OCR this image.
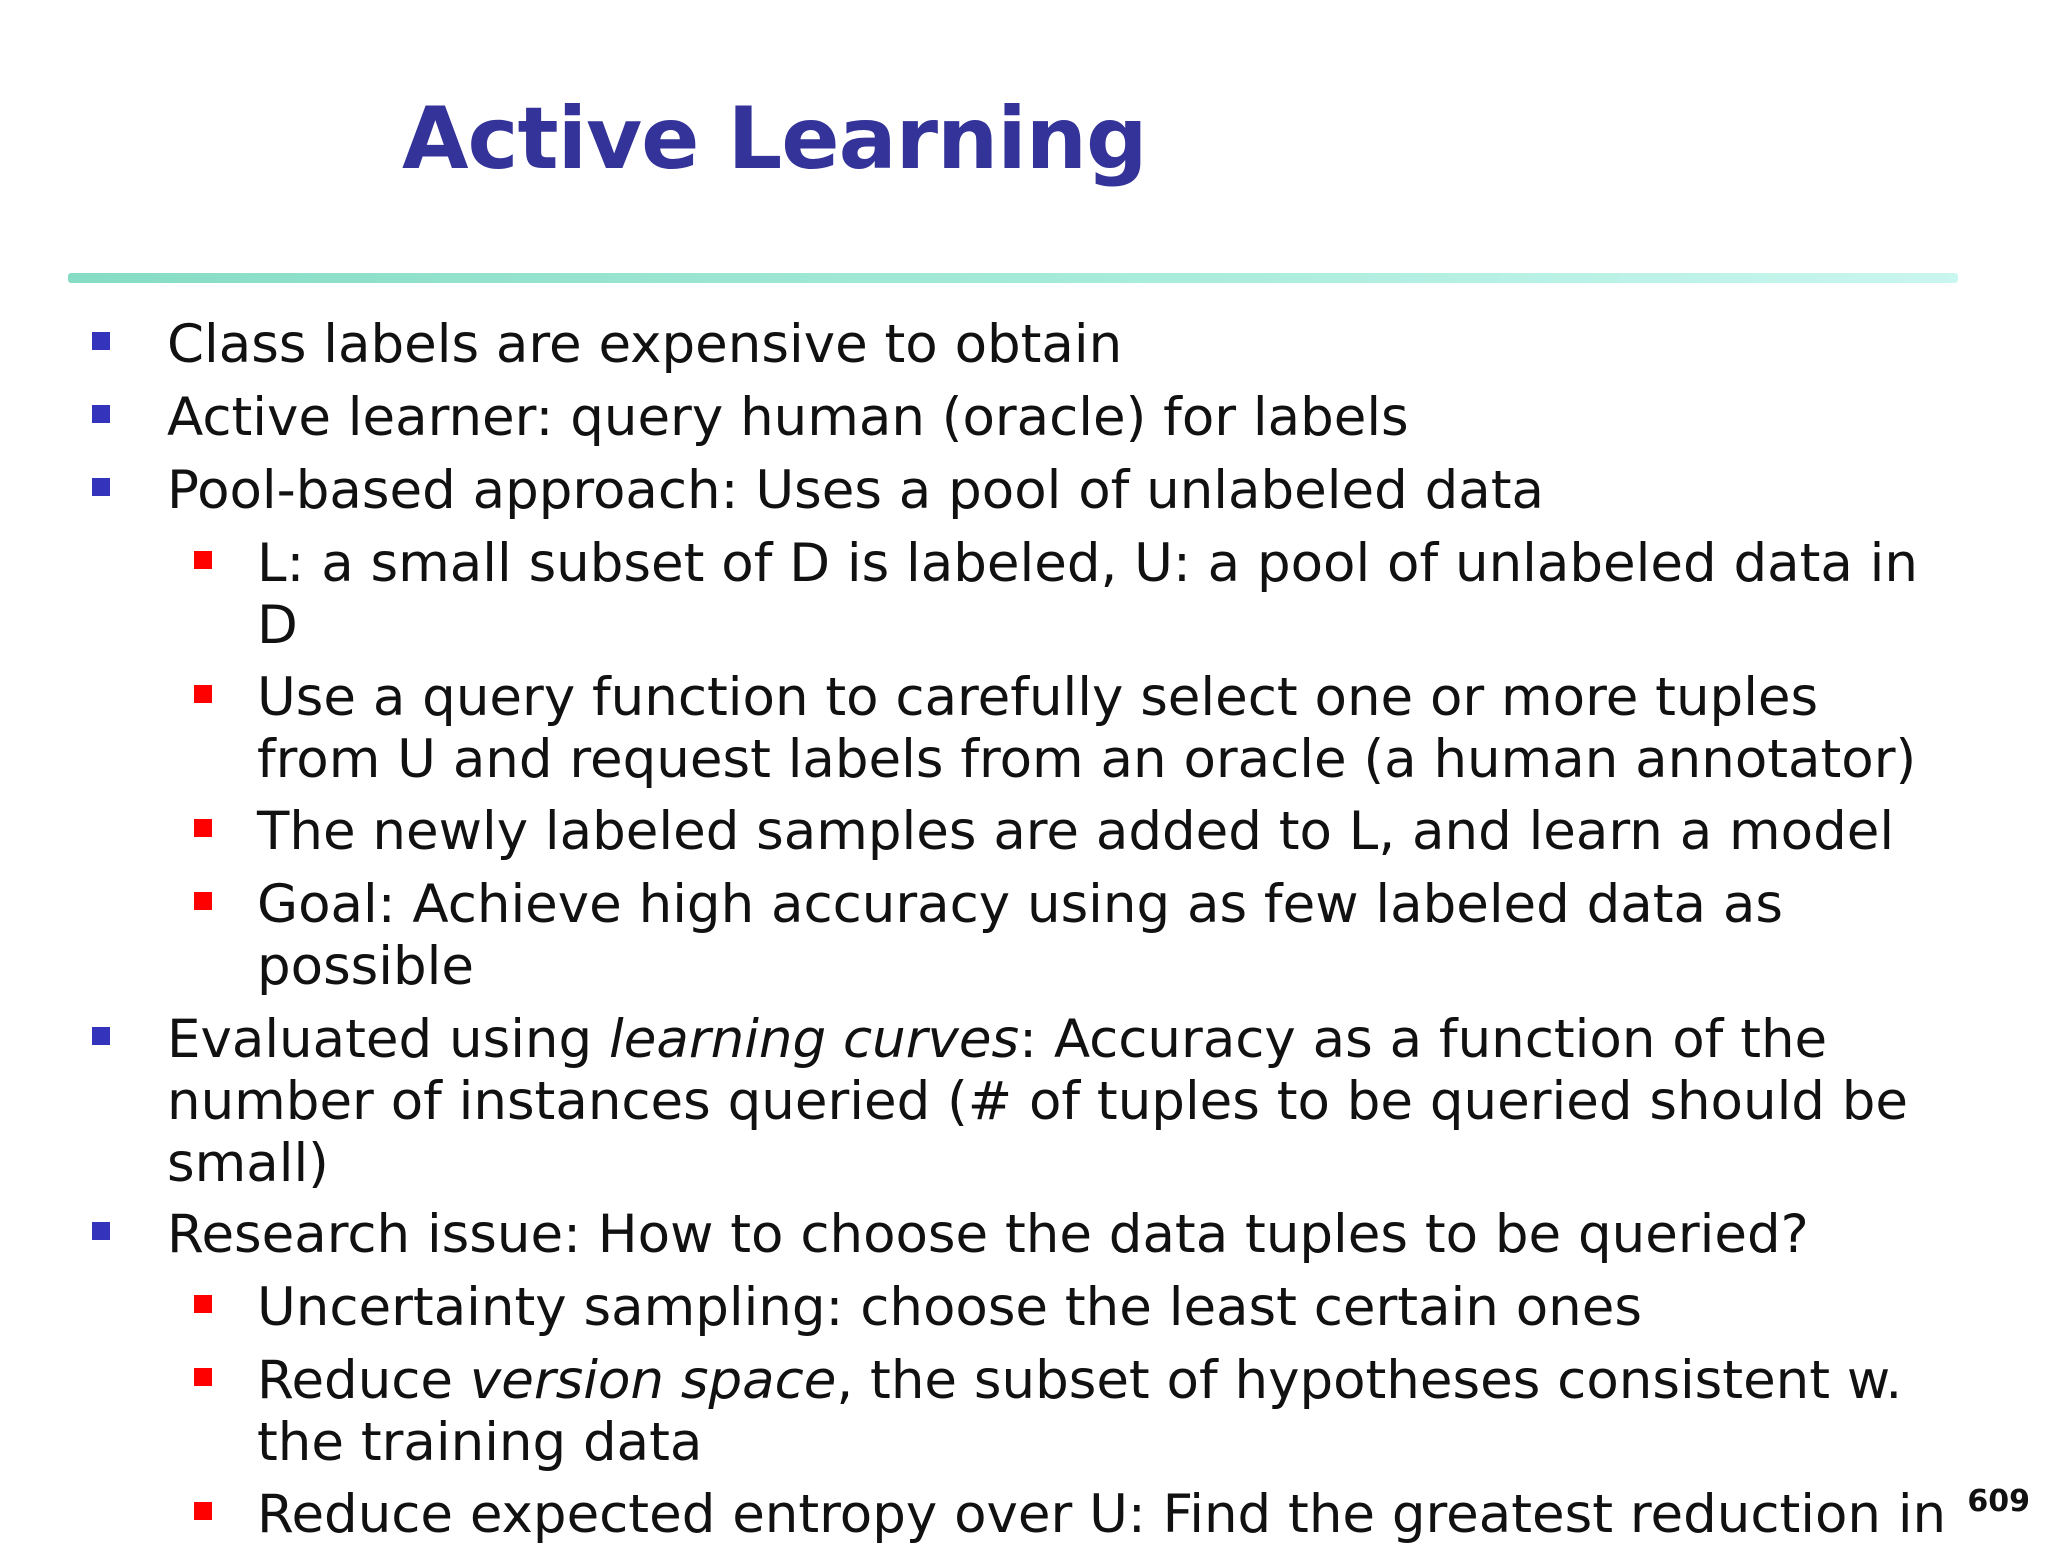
Active Learning
Class labels are expensive to obtain
Active learner: query human (oracle) for labels
Pool-based approach: Uses a pool of unlabeled data
L: a small subset of D is labeled, U: a pool of unlabeled data in
D
Use a query function to carefully select one or more tuples
from U and request labels from an oracle (a human annotator)
The newly labeled samples are added to L, and learn a model
Goal: Achieve high accuracy using as few labeled data as
possible
Evaluated using learning curves: Accuracy as a function of the
number of instances queried (# of tuples to be queried should be
small)
Research issue: How to choose the data tuples to be queried?
Uncertainty sampling: choose the least certain ones
Reduce version space, the subset of hypotheses consistent w.
the training data
Reduce expected entropy over U: Find the greatest reduction in 609
